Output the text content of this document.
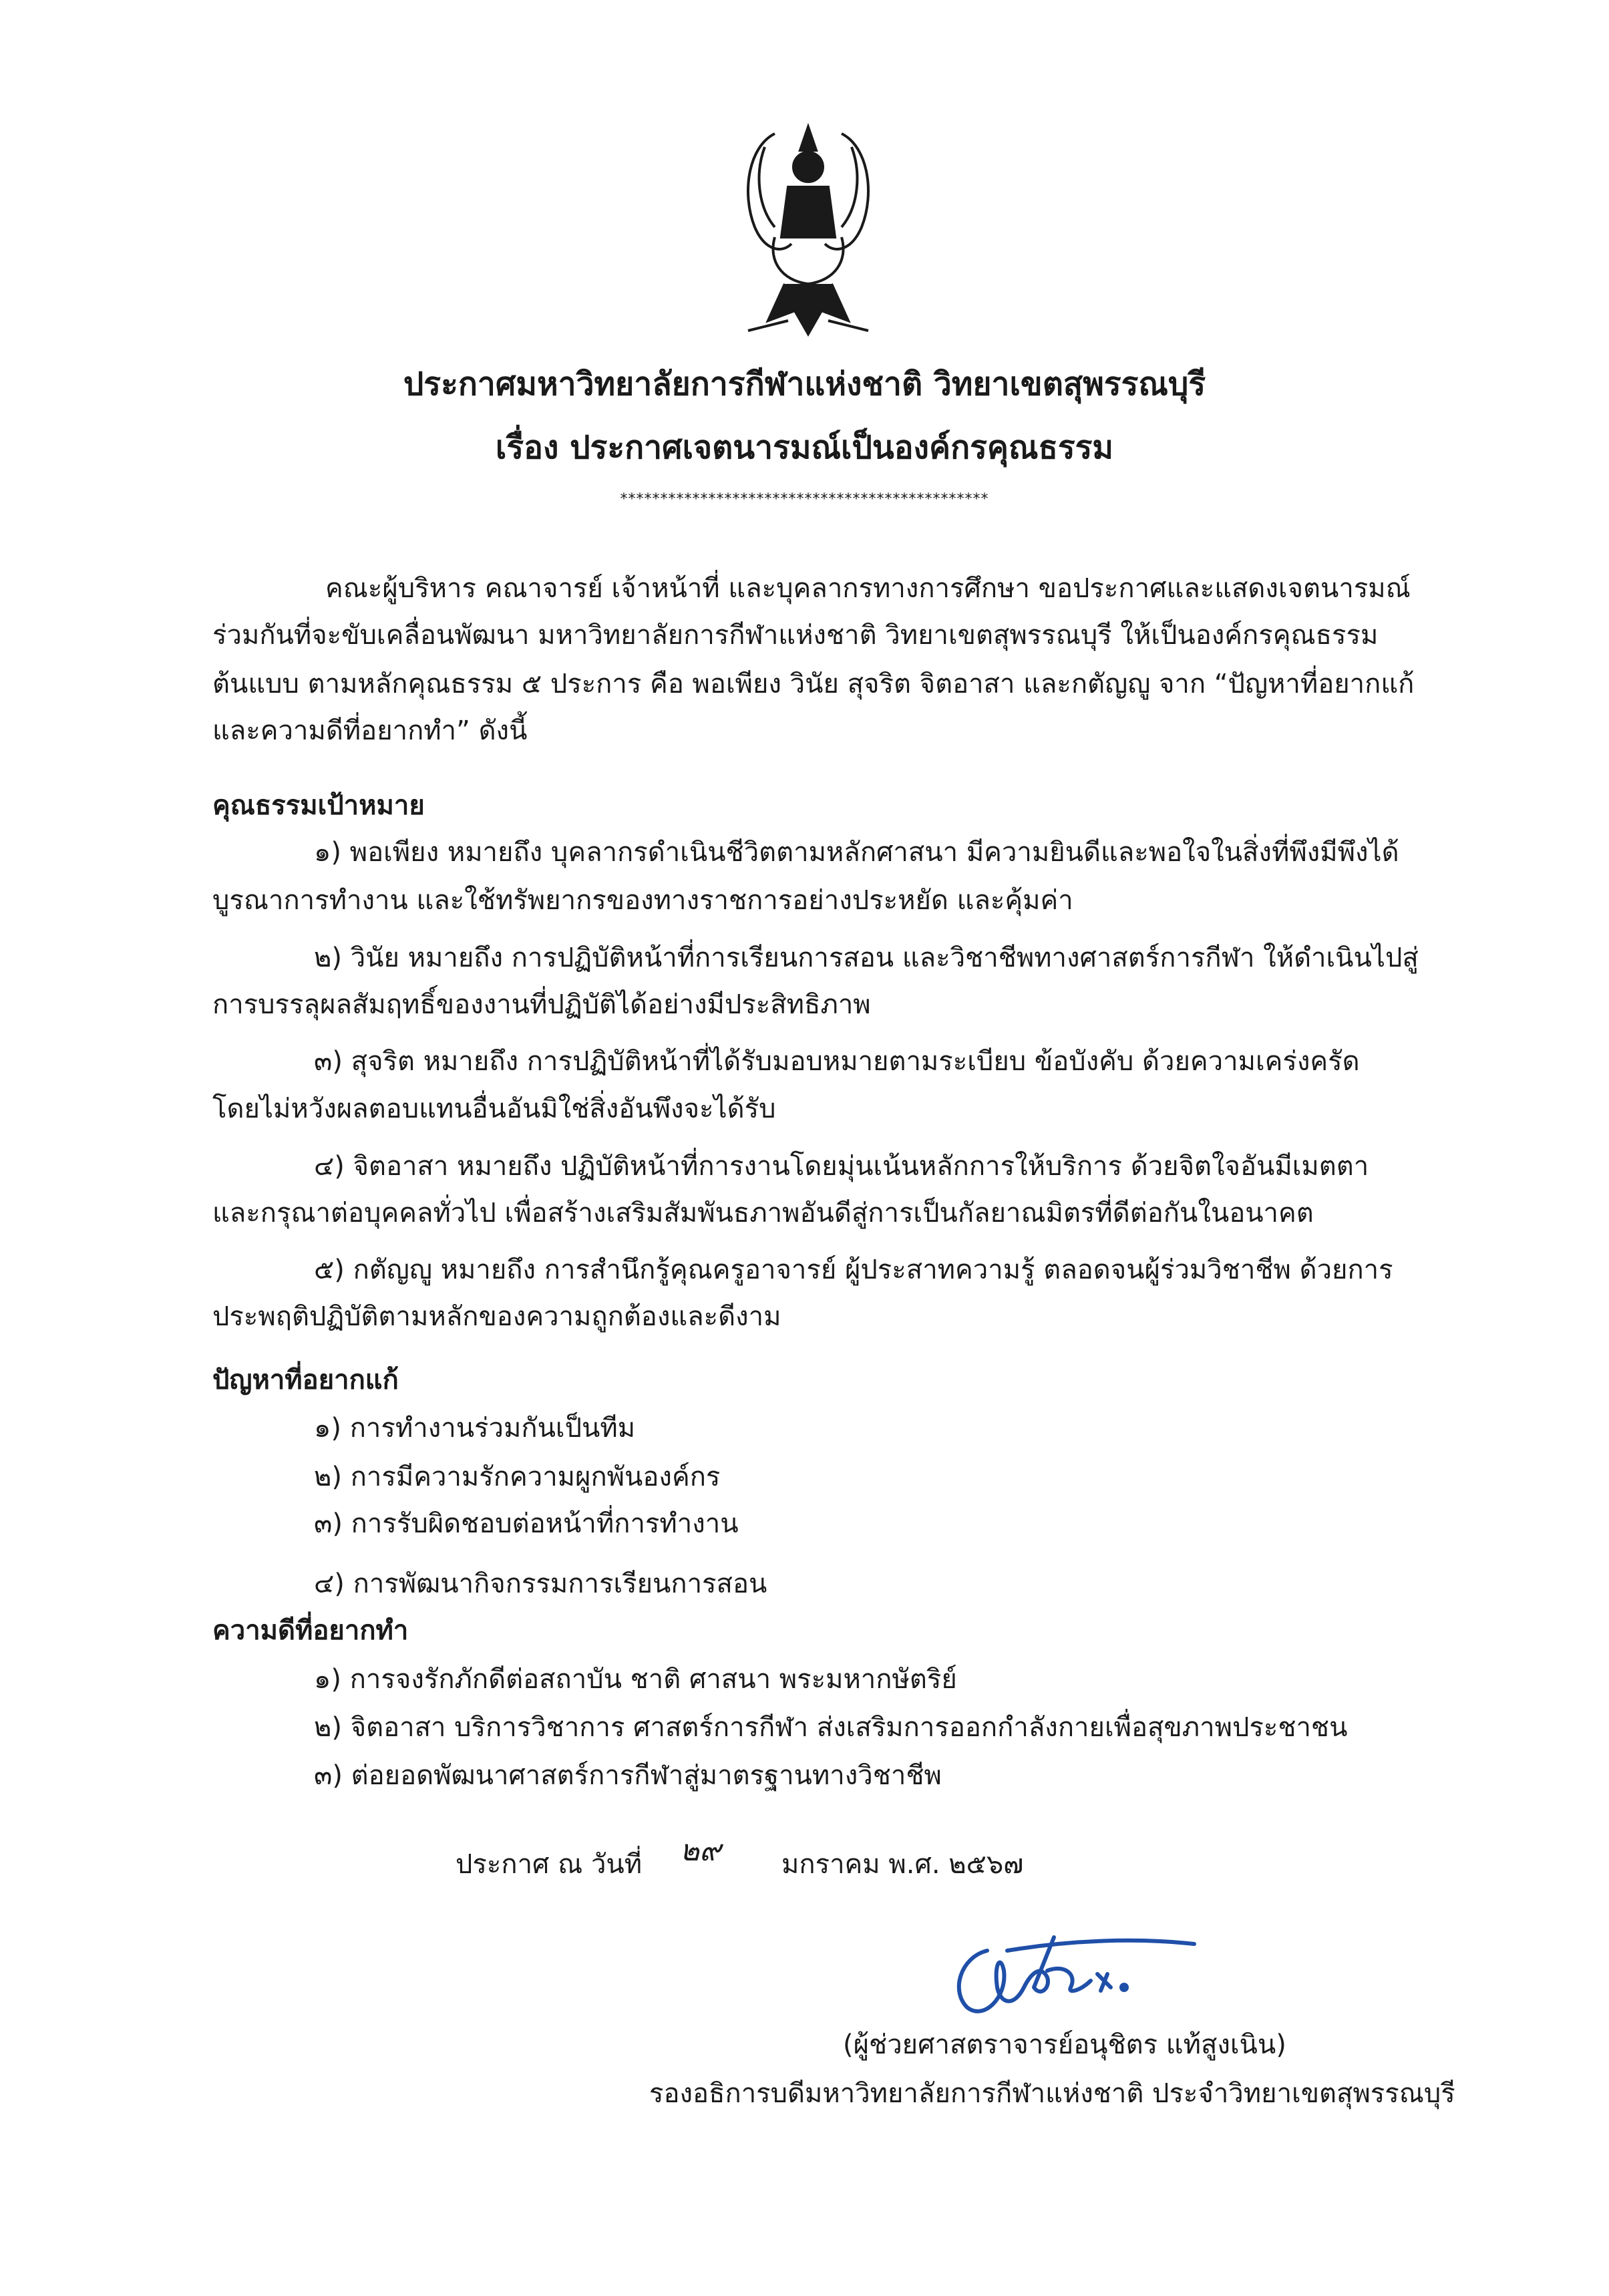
ประกาศมหาวิทยาลัยการกีฬาแห่งชาติ วิทยาเขตสุพรรณบุรี
เรื่อง ประกาศเจตนารมณ์เป็นองค์กรคุณธรรม
**********************************************
คณะผู้บริหาร คณาจารย์ เจ้าหน้าที่ และบุคลากรทางการศึกษา ขอประกาศและแสดงเจตนารมณ์
ร่วมกันที่จะขับเคลื่อนพัฒนา มหาวิทยาลัยการกีฬาแห่งชาติ วิทยาเขตสุพรรณบุรี ให้เป็นองค์กรคุณธรรม
ต้นแบบ ตามหลักคุณธรรม ๕ ประการ คือ พอเพียง วินัย สุจริต จิตอาสา และกตัญญู จาก “ปัญหาที่อยากแก้
และความดีที่อยากทำ” ดังนี้
คุณธรรมเป้าหมาย
๑) พอเพียง หมายถึง บุคลากรดำเนินชีวิตตามหลักศาสนา มีความยินดีและพอใจในสิ่งที่พึงมีพึงได้
บูรณาการทำงาน และใช้ทรัพยากรของทางราชการอย่างประหยัด และคุ้มค่า
๒) วินัย หมายถึง การปฏิบัติหน้าที่การเรียนการสอน และวิชาชีพทางศาสตร์การกีฬา ให้ดำเนินไปสู่
การบรรลุผลสัมฤทธิ์ของงานที่ปฏิบัติได้อย่างมีประสิทธิภาพ
๓) สุจริต หมายถึง การปฏิบัติหน้าที่ได้รับมอบหมายตามระเบียบ ข้อบังคับ ด้วยความเคร่งครัด
โดยไม่หวังผลตอบแทนอื่นอันมิใช่สิ่งอันพึงจะได้รับ
๔) จิตอาสา หมายถึง ปฏิบัติหน้าที่การงานโดยมุ่นเน้นหลักการให้บริการ ด้วยจิตใจอันมีเมตตา
และกรุณาต่อบุคคลทั่วไป เพื่อสร้างเสริมสัมพันธภาพอันดีสู่การเป็นกัลยาณมิตรที่ดีต่อกันในอนาคต
๕) กตัญญู หมายถึง การสำนึกรู้คุณครูอาจารย์ ผู้ประสาทความรู้ ตลอดจนผู้ร่วมวิชาชีพ ด้วยการ
ประพฤติปฏิบัติตามหลักของความถูกต้องและดีงาม
ปัญหาที่อยากแก้
๑) การทำงานร่วมกันเป็นทีม
๒) การมีความรักความผูกพันองค์กร
๓) การรับผิดชอบต่อหน้าที่การทำงาน
๔) การพัฒนากิจกรรมการเรียนการสอน
ความดีที่อยากทำ
๑) การจงรักภักดีต่อสถาบัน ชาติ ศาสนา พระมหากษัตริย์
๒) จิตอาสา บริการวิชาการ ศาสตร์การกีฬา ส่งเสริมการออกกำลังกายเพื่อสุขภาพประชาชน
๓) ต่อยอดพัฒนาศาสตร์การกีฬาสู่มาตรฐานทางวิชาชีพ
ประกาศ ณ วันที่ ๒๙ มกราคม พ.ศ. ๒๕๖๗
(ผู้ช่วยศาสตราจารย์อนุชิตร แท้สูงเนิน)
รองอธิการบดีมหาวิทยาลัยการกีฬาแห่งชาติ ประจำวิทยาเขตสุพรรณบุรี
